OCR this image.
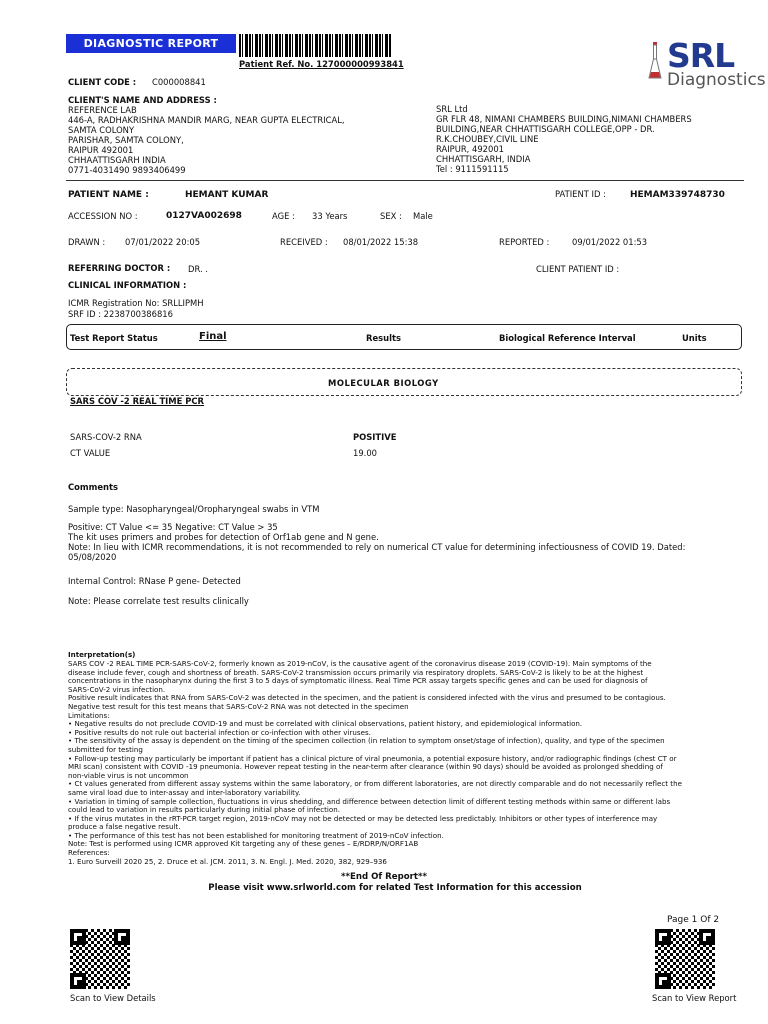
DIAGNOSTIC REPORT
Patient Ref. No. 127000000993841	SRL
Diagnostics
CLIENT CODE : C000008841
CLIENT'S NAME AND ADDRESS :
REFERENCE LAB
446-A, RADHAKRISHNA MANDIR MARG, NEAR GUPTA ELECTRICAL,
SAMTA COLONY
PARISHAR, SAMTA COLONY,
RAIPUR 492001
CHHAATTISGARH INDIA
0771-4031490 9893406499
SRL Ltd
GR FLR 48, NIMANI CHAMBERS BUILDING,NIMANI CHAMBERS
BUILDING,NEAR CHHATTISGARH COLLEGE,OPP - DR.
R.K.CHOUBEY,CIVIL LINE
RAIPUR, 492001
CHHATTISGARH, INDIA
Tel : 9111591115
PATIENT NAME :	HEMANT KUMAR	PATIENT ID :	HEMAM339748730
ACCESSION NO :	0127VA002698	AGE : 33 Years	SEX : Male
DRAWN : 07/01/2022 20:05	RECEIVED : 08/01/2022 15:38	REPORTED :	09/01/2022 01:53
REFERRING DOCTOR : DR. .	CLIENT PATIENT ID :
CLINICAL INFORMATION :
ICMR Registration No: SRLLIPMH
SRF ID : 2238700386816
Test Report Status	Final	Results	Biological Reference Interval	Units
MOLECULAR BIOLOGY
SARS COV -2 REAL TIME PCR
SARS-COV-2 RNA	POSITIVE
CT VALUE	19.00
Comments
Sample type: Nasopharyngeal/Oropharyngeal swabs in VTM
Positive: CT Value <= 35 Negative: CT Value > 35
The kit uses primers and probes for detection of Orf1ab gene and N gene.
Note: In lieu with ICMR recommendations, it is not recommended to rely on numerical CT value for determining infectiousness of COVID 19. Dated:
05/08/2020
Internal Control: RNase P gene- Detected
Note: Please correlate test results clinically
Interpretation(s)
SARS COV -2 REAL TIME PCR-SARS-CoV-2, formerly known as 2019-nCoV, is the causative agent of the coronavirus disease 2019 (COVID-19). Main symptoms of the
disease include fever, cough and shortness of breath. SARS-CoV-2 transmission occurs primarily via respiratory droplets. SARS-CoV-2 is likely to be at the highest
concentrations in the nasopharynx during the first 3 to 5 days of symptomatic illness. Real Time PCR assay targets specific genes and can be used for diagnosis of
SARS-CoV-2 virus infection.
Positive result indicates that RNA from SARS-CoV-2 was detected in the specimen, and the patient is considered infected with the virus and presumed to be contagious.
Negative test result for this test means that SARS-CoV-2 RNA was not detected in the specimen
Limitations:
• Negative results do not preclude COVID-19 and must be correlated with clinical observations, patient history, and epidemiological information.
• Positive results do not rule out bacterial infection or co-infection with other viruses.
• The sensitivity of the assay is dependent on the timing of the specimen collection (in relation to symptom onset/stage of infection), quality, and type of the specimen
submitted for testing
• Follow-up testing may particularly be important if patient has a clinical picture of viral pneumonia, a potential exposure history, and/or radiographic findings (chest CT or
MRI scan) consistent with COVID -19 pneumonia. However repeat testing in the near-term after clearance (within 90 days) should be avoided as prolonged shedding of
non-viable virus is not uncommon
• Ct values generated from different assay systems within the same laboratory, or from different laboratories, are not directly comparable and do not necessarily reflect the
same viral load due to inter-assay and inter-laboratory variability.
• Variation in timing of sample collection, fluctuations in virus shedding, and difference between detection limit of different testing methods within same or different labs
could lead to variation in results particularly during initial phase of infection.
• If the virus mutates in the rRT-PCR target region, 2019-nCoV may not be detected or may be detected less predictably. Inhibitors or other types of interference may
produce a false negative result.
• The performance of this test has not been established for monitoring treatment of 2019-nCoV infection.
Note: Test is performed using ICMR approved Kit targeting any of these genes – E/RDRP/N/ORF1AB
References:
1. Euro Surveill 2020 25, 2. Druce et al. JCM. 2011, 3. N. Engl. J. Med. 2020, 382, 929–936
**End Of Report**
Please visit www.srlworld.com for related Test Information for this accession
Page 1 Of 2
Scan to View Details	Scan to View Report
